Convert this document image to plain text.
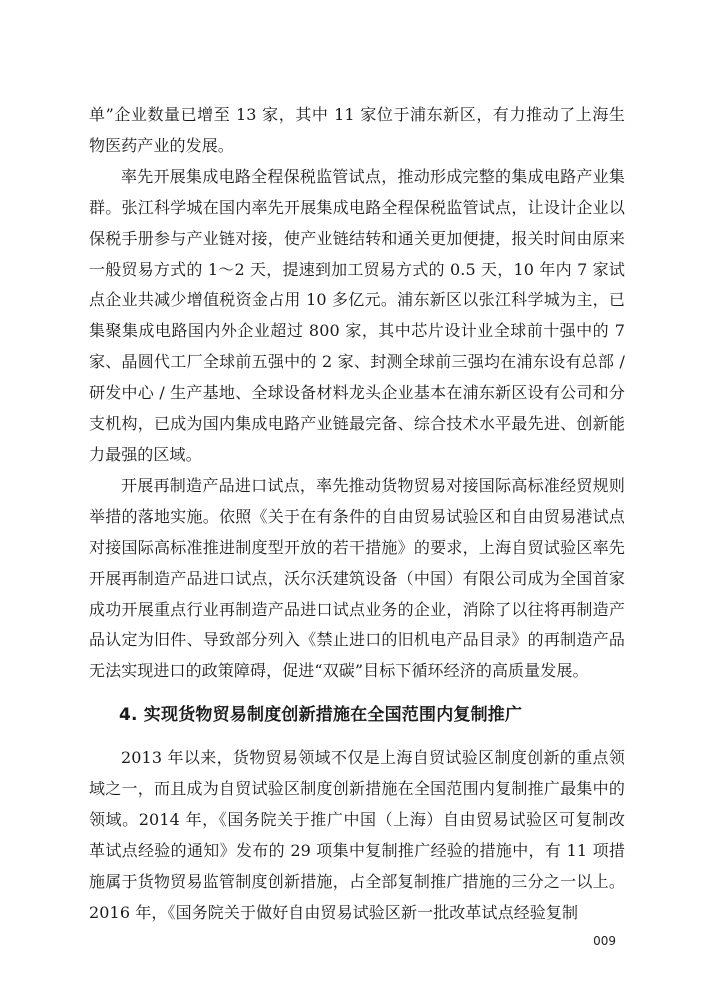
单”企业数量已增至 13 家，其中 11 家位于浦东新区，有力推动了上海生物医药产业的发展。

率先开展集成电路全程保税监管试点，推动形成完整的集成电路产业集群。张江科学城在国内率先开展集成电路全程保税监管试点，让设计企业以保税手册参与产业链对接，使产业链结转和通关更加便捷，报关时间由原来一般贸易方式的 1～2 天，提速到加工贸易方式的 0.5 天，10 年内 7 家试点企业共减少增值税资金占用 10 多亿元。浦东新区以张江科学城为主，已集聚集成电路国内外企业超过 800 家，其中芯片设计业全球前十强中的 7 家、晶圆代工厂全球前五强中的 2 家、封测全球前三强均在浦东设有总部 / 研发中心 / 生产基地、全球设备材料龙头企业基本在浦东新区设有公司和分支机构，已成为国内集成电路产业链最完备、综合技术水平最先进、创新能力最强的区域。

开展再制造产品进口试点，率先推动货物贸易对接国际高标准经贸规则举措的落地实施。依照《关于在有条件的自由贸易试验区和自由贸易港试点对接国际高标准推进制度型开放的若干措施》的要求，上海自贸试验区率先开展再制造产品进口试点，沃尔沃建筑设备（中国）有限公司成为全国首家成功开展重点行业再制造产品进口试点业务的企业，消除了以往将再制造产品认定为旧件、导致部分列入《禁止进口的旧机电产品目录》的再制造产品无法实现进口的政策障碍，促进“双碳”目标下循环经济的高质量发展。

4. 实现货物贸易制度创新措施在全国范围内复制推广

2013 年以来，货物贸易领域不仅是上海自贸试验区制度创新的重点领域之一，而且成为自贸试验区制度创新措施在全国范围内复制推广最集中的领域。2014 年，《国务院关于推广中国（上海）自由贸易试验区可复制改革试点经验的通知》发布的 29 项集中复制推广经验的措施中，有 11 项措施属于货物贸易监管制度创新措施，占全部复制推广措施的三分之一以上。2016 年，《国务院关于做好自由贸易试验区新一批改革试点经验复制

009
